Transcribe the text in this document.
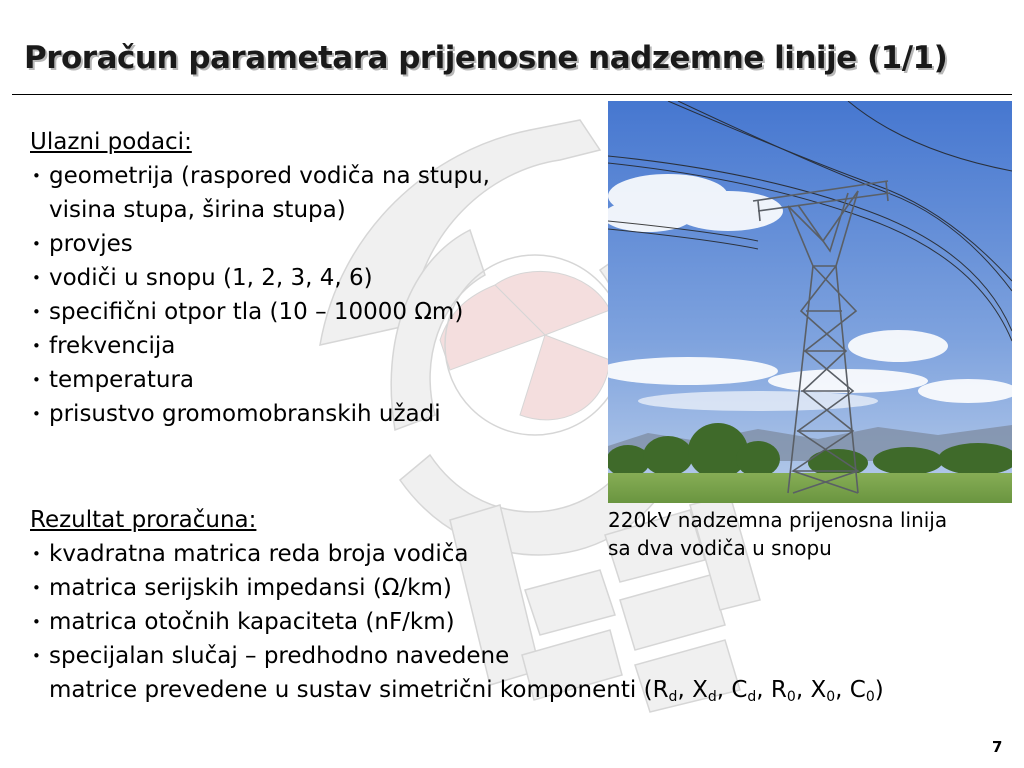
Proračun parametara prijenosne nadzemne linije (1/1)
Ulazni podaci:
• geometrija (raspored vodiča na stupu,
visina stupa, širina stupa)
• provjes
• vodiči u snopu (1, 2, 3, 4, 6)
• specifični otpor tla (10 – 10000 Ωm)
• frekvencija
• temperatura
• prisustvo gromomobranskih užadi
Rezultat proračuna:
• kvadratna matrica reda broja vodiča
• matrica serijskih impedansi (Ω/km)
• matrica otočnih kapaciteta (nF/km)
• specijalan slučaj – predhodno navedene
matrice prevedene u sustav simetrični komponenti ($R_d$, $X_d$, $C_d$, $R_0$, $X_0$, $C_0$)
220kV nadzemna prijenosna linija
sa dva vodiča u snopu
7
